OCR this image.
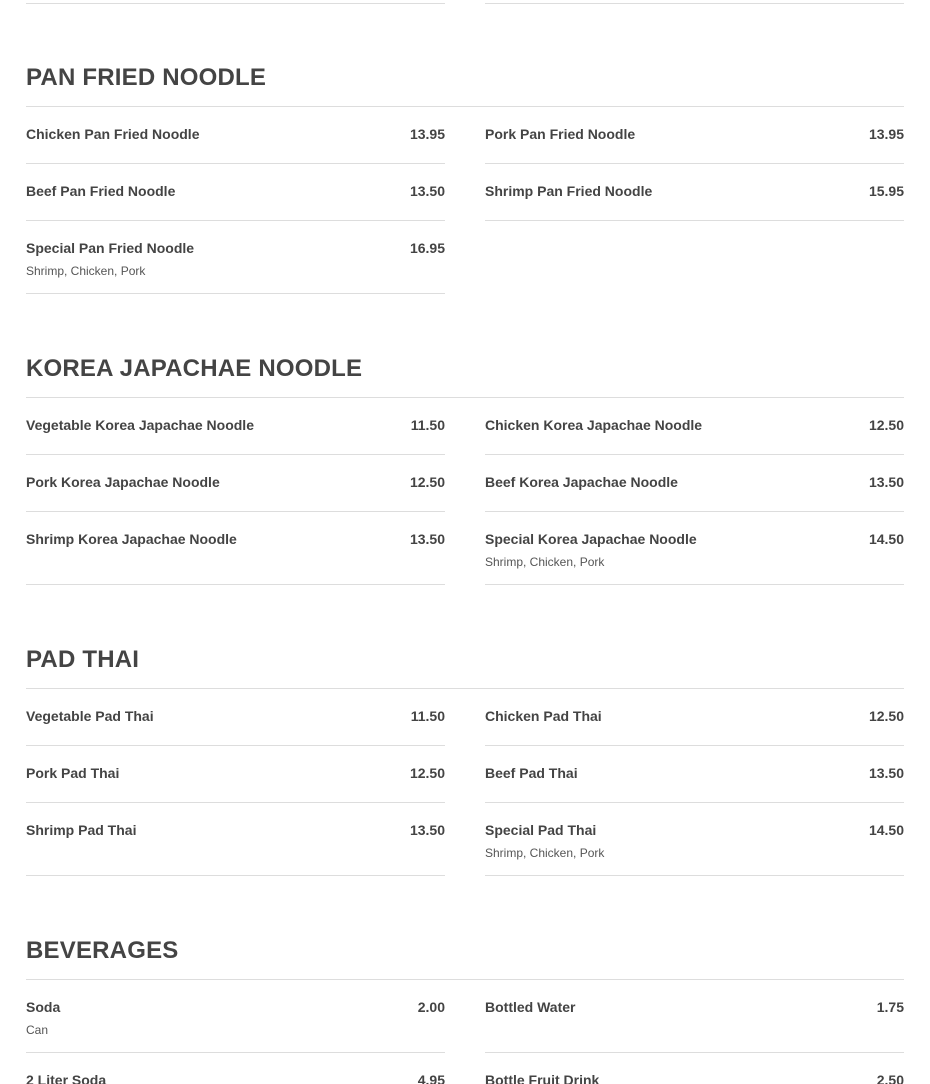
PAN FRIED NOODLE
Chicken Pan Fried Noodle	13.95
Beef Pan Fried Noodle	13.50
Special Pan Fried Noodle	16.95
Shrimp, Chicken, Pork
Pork Pan Fried Noodle	13.95
Shrimp Pan Fried Noodle	15.95
KOREA JAPACHAE NOODLE
Vegetable Korea Japachae Noodle	11.50
Pork Korea Japachae Noodle	12.50
Shrimp Korea Japachae Noodle	13.50
Chicken Korea Japachae Noodle	12.50
Beef Korea Japachae Noodle	13.50
Special Korea Japachae Noodle	14.50
Shrimp, Chicken, Pork
PAD THAI
Vegetable Pad Thai	11.50
Pork Pad Thai	12.50
Shrimp Pad Thai	13.50
Chicken Pad Thai	12.50
Beef Pad Thai	13.50
Special Pad Thai	14.50
Shrimp, Chicken, Pork
BEVERAGES
Soda	2.00
Can
2 Liter Soda	4.95
Bottled Water	1.75
Bottle Fruit Drink	2.50
